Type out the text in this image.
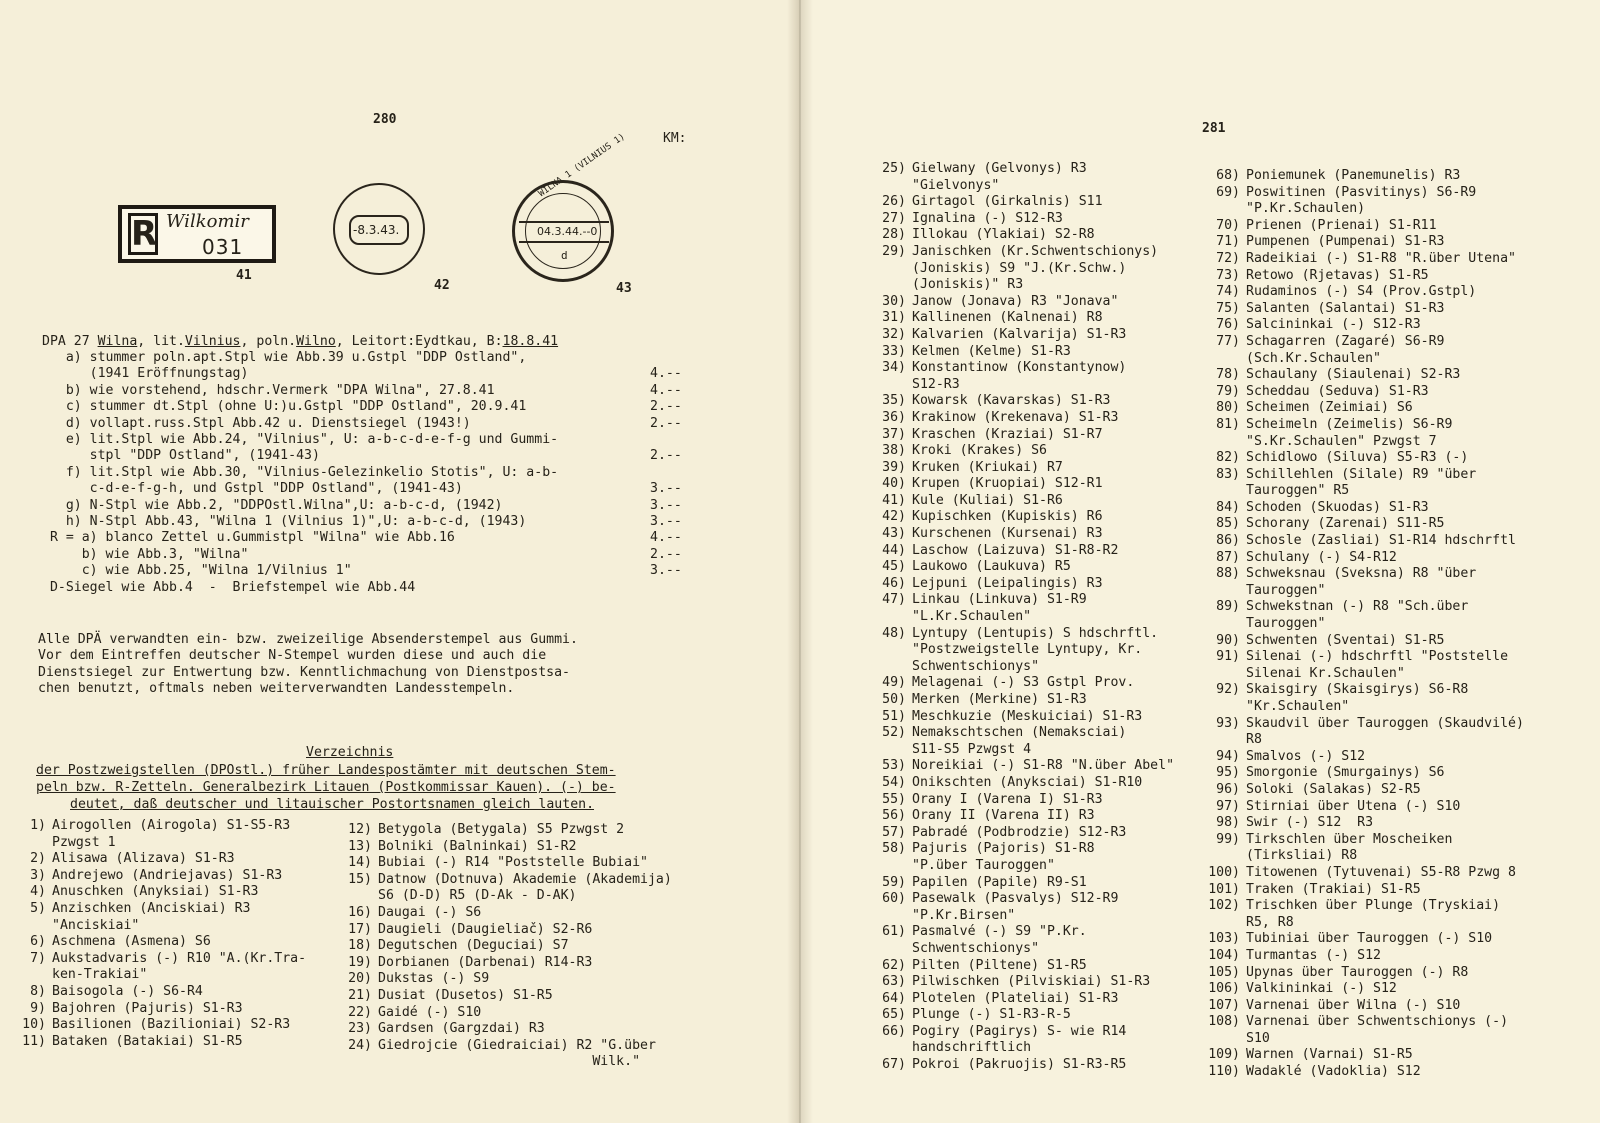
280
KM:
R Wilkomir
031
41
-8.3.43.
42
WILNA 1 (VILNIUS 1)
04.3.44.--0
d
43
DPA 27 Wilna, lit.Vilnius, poln.Wilno, Leitort:Eydtkau, B:18.8.41
a) stummer poln.apt.Stpl wie Abb.39 u.Gstpl "DDP Ostland",
(1941 Eröffnungstag)	4.--
b) wie vorstehend, hdschr.Vermerk "DPA Wilna", 27.8.41	4.--
c) stummer dt.Stpl (ohne U:)u.Gstpl "DDP Ostland", 20.9.41	2.--
d) vollapt.russ.Stpl Abb.42 u. Dienstsiegel (1943!)	2.--
e) lit.Stpl wie Abb.24, "Vilnius", U: a-b-c-d-e-f-g und Gummi-
stpl "DDP Ostland", (1941-43)	2.--
f) lit.Stpl wie Abb.30, "Vilnius-Gelezinkelio Stotis", U: a-b-
c-d-e-f-g-h, und Gstpl "DDP Ostland", (1941-43)	3.--
g) N-Stpl wie Abb.2, "DDPOstl.Wilna",U: a-b-c-d, (1942)	3.--
h) N-Stpl Abb.43, "Wilna 1 (Vilnius 1)",U: a-b-c-d, (1943)	3.--
R = a) blanco Zettel u.Gummistpl "Wilna" wie Abb.16	4.--
b) wie Abb.3, "Wilna"	2.--
c) wie Abb.25, "Wilna 1/Vilnius 1"	3.--
D-Siegel wie Abb.4  -  Briefstempel wie Abb.44
Alle DPÄ verwandten ein- bzw. zweizeilige Absenderstempel aus Gummi.
Vor dem Eintreffen deutscher N-Stempel wurden diese und auch die
Dienstsiegel zur Entwertung bzw. Kenntlichmachung von Dienstpostsa-
chen benutzt, oftmals neben weiterverwandten Landesstempeln.
Verzeichnis
der Postzweigstellen (DPOstl.) früher Landespostämter mit deutschen Stem-
peln bzw. R-Zetteln. Generalbezirk Litauen (Postkommissar Kauen). (-) be-
deutet, daß deutscher und litauischer Postortsnamen gleich lauten.
1) Airogollen (Airogola) S1-S5-R3
Pzwgst 1
2) Alisawa (Alizava) S1-R3
3) Andrejewo (Andriejavas) S1-R3
4) Anuschken (Anyksiai) S1-R3
5) Anzischken (Anciskiai) R3
"Anciskiai"
6) Aschmena (Asmena) S6
7) Aukstadvaris (-) R10 "A.(Kr.Tra-
ken-Trakiai"
8) Baisogola (-) S6-R4
9) Bajohren (Pajuris) S1-R3
10) Basilionen (Bazilioniai) S2-R3
11) Bataken (Batakiai) S1-R5
12) Betygola (Betygala) S5 Pzwgst 2
13) Bolniki (Balninkai) S1-R2
14) Bubiai (-) R14 "Poststelle Bubiai"
15) Datnow (Dotnuva) Akademie (Akademija)
S6 (D-D) R5 (D-Ak - D-AK)
16) Daugai (-) S6
17) Daugieli (Daugieliač) S2-R6
18) Degutschen (Deguciai) S7
19) Dorbianen (Darbenai) R14-R3
20) Dukstas (-) S9
21) Dusiat (Dusetos) S1-R5
22) Gaidé (-) S10
23) Gardsen (Gargzdai) R3
24) Giedrojcie (Giedraiciai) R2 "G.über
Wilk."
281
25) Gielwany (Gelvonys) R3
"Gielvonys"
26) Girtagol (Girkalnis) S11
27) Ignalina (-) S12-R3
28) Illokau (Ylakiai) S2-R8
29) Janischken (Kr.Schwentschionys)
(Joniskis) S9 "J.(Kr.Schw.)
(Joniskis)" R3
30) Janow (Jonava) R3 "Jonava"
31) Kallinenen (Kalnenai) R8
32) Kalvarien (Kalvarija) S1-R3
33) Kelmen (Kelme) S1-R3
34) Konstantinow (Konstantynow)
S12-R3
35) Kowarsk (Kavarskas) S1-R3
36) Krakinow (Krekenava) S1-R3
37) Kraschen (Kraziai) S1-R7
38) Kroki (Krakes) S6
39) Kruken (Kriukai) R7
40) Krupen (Kruopiai) S12-R1
41) Kule (Kuliai) S1-R6
42) Kupischken (Kupiskis) R6
43) Kurschenen (Kursenai) R3
44) Laschow (Laizuva) S1-R8-R2
45) Laukowo (Laukuva) R5
46) Lejpuni (Leipalingis) R3
47) Linkau (Linkuva) S1-R9
"L.Kr.Schaulen"
48) Lyntupy (Lentupis) S hdschrftl.
"Postzweigstelle Lyntupy, Kr.
Schwentschionys"
49) Melagenai (-) S3 Gstpl Prov.
50) Merken (Merkine) S1-R3
51) Meschkuzie (Meskuiciai) S1-R3
52) Nemakschtschen (Nemaksciai)
S11-S5 Pzwgst 4
53) Noreikiai (-) S1-R8 "N.über Abel"
54) Onikschten (Anyksciai) S1-R10
55) Orany I (Varena I) S1-R3
56) Orany II (Varena II) R3
57) Pabradé (Podbrodzie) S12-R3
58) Pajuris (Pajoris) S1-R8
"P.über Tauroggen"
59) Papilen (Papile) R9-S1
60) Pasewalk (Pasvalys) S12-R9
"P.Kr.Birsen"
61) Pasmalvé (-) S9 "P.Kr.
Schwentschionys"
62) Pilten (Piltene) S1-R5
63) Pilwischken (Pilviskiai) S1-R3
64) Plotelen (Plateliai) S1-R3
65) Plunge (-) S1-R3-R-5
66) Pogiry (Pagirys) S- wie R14
handschriftlich
67) Pokroi (Pakruojis) S1-R3-R5
68) Poniemunek (Panemunelis) R3
69) Poswitinen (Pasvitinys) S6-R9
"P.Kr.Schaulen)
70) Prienen (Prienai) S1-R11
71) Pumpenen (Pumpenai) S1-R3
72) Radeikiai (-) S1-R8 "R.über Utena"
73) Retowo (Rjetavas) S1-R5
74) Rudaminos (-) S4 (Prov.Gstpl)
75) Salanten (Salantai) S1-R3
76) Salcininkai (-) S12-R3
77) Schagarren (Zagaré) S6-R9
(Sch.Kr.Schaulen"
78) Schaulany (Siaulenai) S2-R3
79) Scheddau (Seduva) S1-R3
80) Scheimen (Zeimiai) S6
81) Scheimeln (Zeimelis) S6-R9
"S.Kr.Schaulen" Pzwgst 7
82) Schidlowo (Siluva) S5-R3 (-)
83) Schillehlen (Silale) R9 "über
Tauroggen" R5
84) Schoden (Skuodas) S1-R3
85) Schorany (Zarenai) S11-R5
86) Schosle (Zasliai) S1-R14 hdschrftl
87) Schulany (-) S4-R12
88) Schweksnau (Sveksna) R8 "über
Tauroggen"
89) Schwekstnan (-) R8 "Sch.über
Tauroggen"
90) Schwenten (Sventai) S1-R5
91) Silenai (-) hdschrftl "Poststelle
Silenai Kr.Schaulen"
92) Skaisgiry (Skaisgirys) S6-R8
"Kr.Schaulen"
93) Skaudvil über Tauroggen (Skaudvilé)
R8
94) Smalvos (-) S12
95) Smorgonie (Smurgainys) S6
96) Soloki (Salakas) S2-R5
97) Stirniai über Utena (-) S10
98) Swir (-) S12  R3
99) Tirkschlen über Moscheiken
(Tirksliai) R8
100) Titowenen (Tytuvenai) S5-R8 Pzwg 8
101) Traken (Trakiai) S1-R5
102) Trischken über Plunge (Tryskiai)
R5, R8
103) Tubiniai über Tauroggen (-) S10
104) Turmantas (-) S12
105) Upynas über Tauroggen (-) R8
106) Valkininkai (-) S12
107) Varnenai über Wilna (-) S10
108) Varnenai über Schwentschionys (-)
S10
109) Warnen (Varnai) S1-R5
110) Wadaklé (Vadoklia) S12
